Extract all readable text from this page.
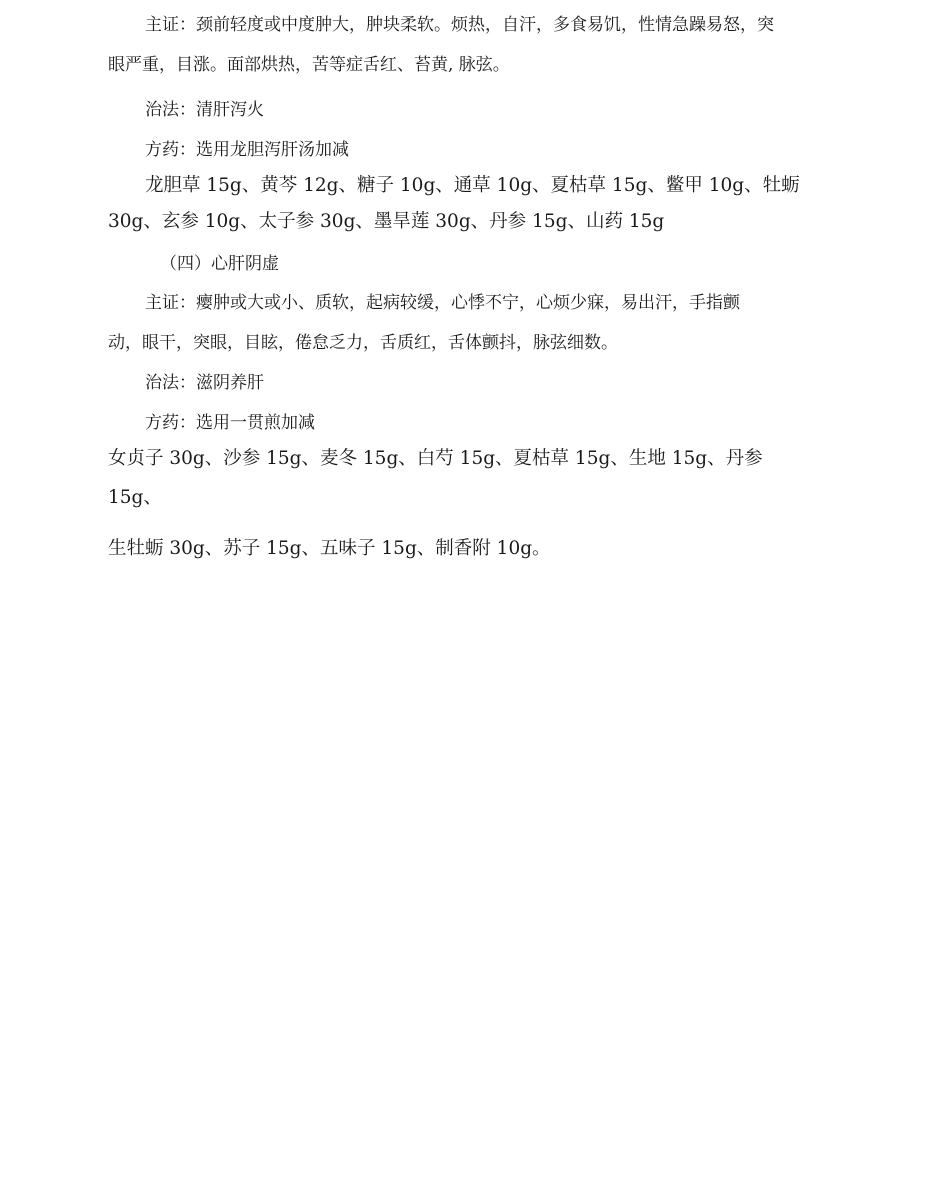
主证：颈前轻度或中度肿大，肿块柔软。烦热，自汗，多食易饥，性情急躁易怒，突
眼严重，目涨。面部烘热，苦等症舌红、苔黄, 脉弦。
治法：清肝泻火
方药：选用龙胆泻肝汤加减
龙胆草 15g、黄芩 12g、糖子 10g、通草 10g、夏枯草 15g、鳖甲 10g、牡蛎
30g、玄参 10g、太子参 30g、墨旱莲 30g、丹参 15g、山药 15g
（四）心肝阴虚
主证：瘿肿或大或小、质软，起病较缓，心悸不宁，心烦少寐，易出汗，手指颤
动，眼干，突眼，目眩，倦怠乏力，舌质红，舌体颤抖，脉弦细数。
治法：滋阴养肝
方药：选用一贯煎加减
女贞子 30g、沙参 15g、麦冬 15g、白芍 15g、夏枯草 15g、生地 15g、丹参
15g、
生牡蛎 30g、苏子 15g、五味子 15g、制香附 10g。
